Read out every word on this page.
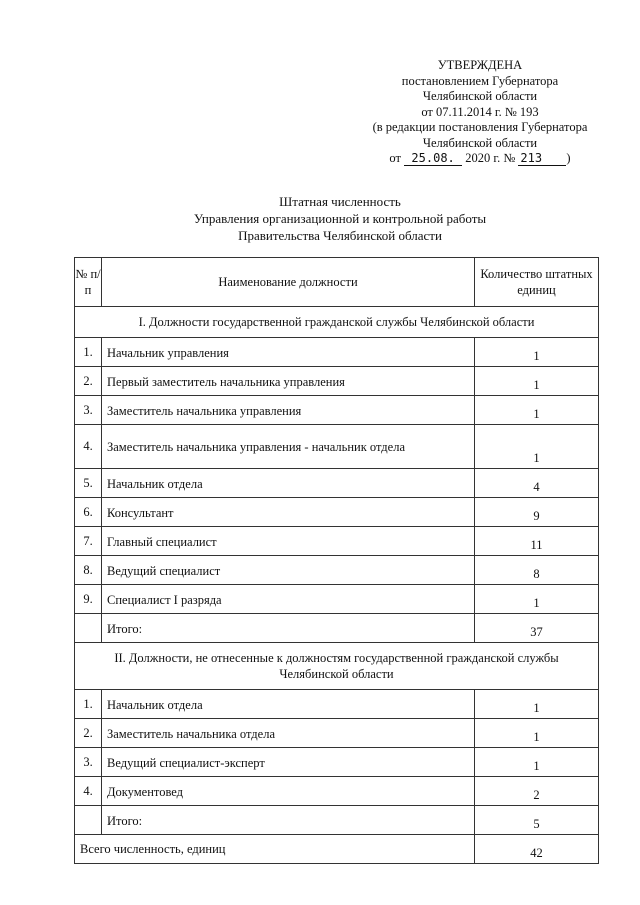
УТВЕРЖДЕНА
постановлением Губернатора
Челябинской области
от 07.11.2014 г. № 193
(в редакции постановления Губернатора
Челябинской области
от 25.08. 2020 г. № 213 )
Штатная численность
Управления организационной и контрольной работы
Правительства Челябинской области
№ п/п	Наименование должности	Количество штатных единиц
I. Должности государственной гражданской службы Челябинской области		
1.	Начальник управления	1
2.	Первый заместитель начальника управления	1
3.	Заместитель начальника управления	1
4.	Заместитель начальника управления - начальник отдела	1
5.	Начальник отдела	4
6.	Консультант	9
7.	Главный специалист	11
8.	Ведущий специалист	8
9.	Специалист I разряда	1
	Итого:	37
II. Должности, не отнесенные к должностям государственной гражданской службы Челябинской области		
1.	Начальник отдела	1
2.	Заместитель начальника отдела	1
3.	Ведущий специалист-эксперт	1
4.	Документовед	2
	Итого:	5
Всего численность, единиц		42
